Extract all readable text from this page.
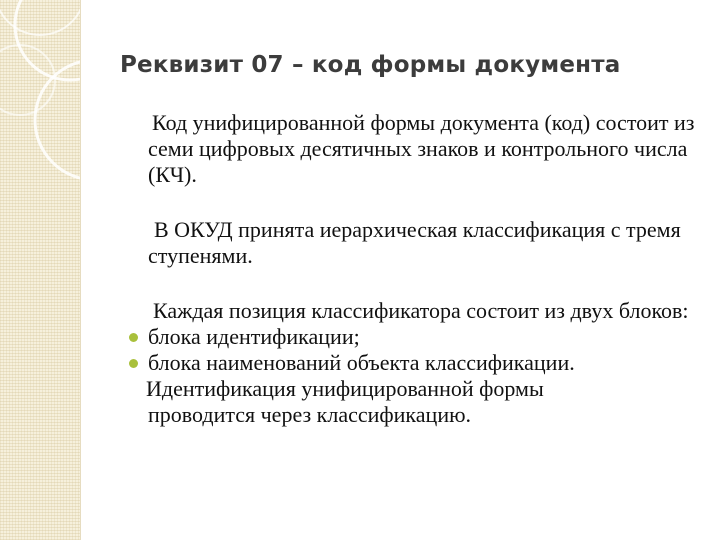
Реквизит 07 – код формы документа

Код унифицированной формы документа (код) состоит из семи цифровых десятичных знаков и контрольного числа (КЧ).

В ОКУД принята иерархическая классификация с тремя ступенями.

Каждая позиция классификатора состоит из двух блоков:

блока идентификации;
блока наименований объекта классификации.

Идентификация унифицированной формы

проводится через классификацию.
